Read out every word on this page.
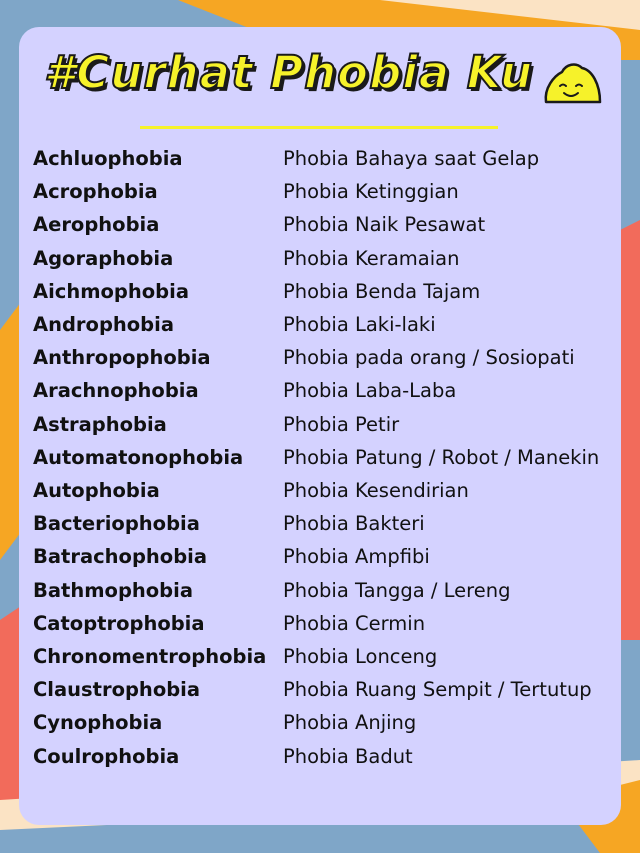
#Curhat Phobia Ku
Achluophobia	Phobia Bahaya saat Gelap
Acrophobia	Phobia Ketinggian
Aerophobia	Phobia Naik Pesawat
Agoraphobia	Phobia Keramaian
Aichmophobia	Phobia Benda Tajam
Androphobia	Phobia Laki-laki
Anthropophobia	Phobia pada orang / Sosiopati
Arachnophobia	Phobia Laba-Laba
Astraphobia	Phobia Petir
Automatonophobia Phobia Patung / Robot / Manekin
Autophobia	Phobia Kesendirian
Bacteriophobia	Phobia Bakteri
Batrachophobia	Phobia Ampfibi
Bathmophobia	Phobia Tangga / Lereng
Catoptrophobia	Phobia Cermin
Chronomentrophobia Phobia Lonceng
Claustrophobia	Phobia Ruang Sempit / Tertutup
Cynophobia	Phobia Anjing
Coulrophobia	Phobia Badut
